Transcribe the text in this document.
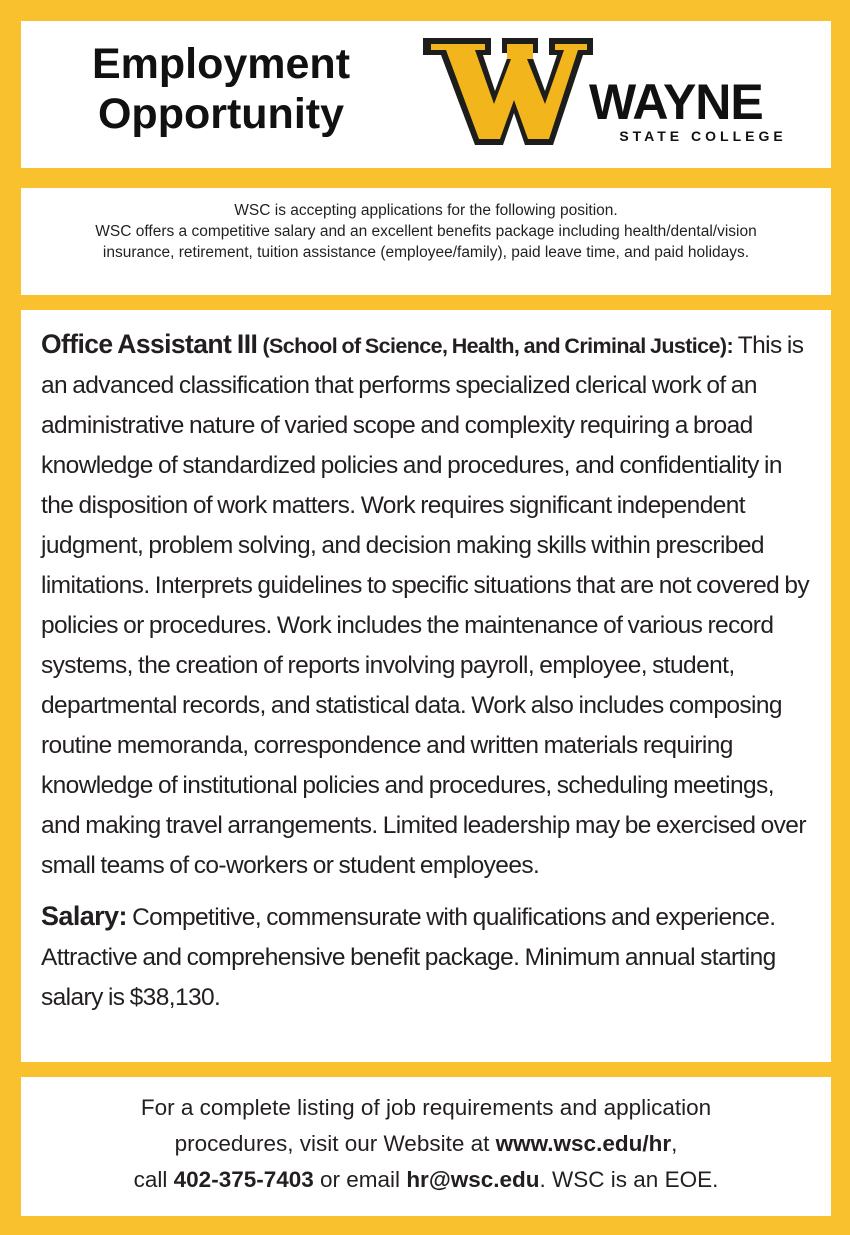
Employment
Opportunity	WAYNE
STATE COLLEGE
WSC is accepting applications for the following position.
WSC offers a competitive salary and an excellent benefits package including health/dental/vision
insurance, retirement, tuition assistance (employee/family), paid leave time, and paid holidays.

Office Assistant III (School of Science, Health, and Criminal Justice): This is an advanced classification that performs specialized clerical work of an administrative nature of varied scope and complexity requiring a broad knowledge of standardized policies and procedures, and confidentiality in the disposition of work matters. Work requires significant independent judgment, problem solving, and decision making skills within prescribed limitations. Interprets guidelines to specific situations that are not covered by policies or procedures. Work includes the maintenance of various record systems, the creation of reports involving payroll, employee, student, departmental records, and statistical data. Work also includes composing routine memoranda, correspondence and written materials requiring knowledge of institutional policies and procedures, scheduling meetings, and making travel arrangements. Limited leadership may be exercised over small teams of co-workers or student employees.

Salary: Competitive, commensurate with qualifications and experience. Attractive and comprehensive benefit package. Minimum annual starting salary is $38,130.

For a complete listing of job requirements and application
procedures, visit our Website at www.wsc.edu/hr,
call 402-375-7403 or email hr@wsc.edu. WSC is an EOE.
